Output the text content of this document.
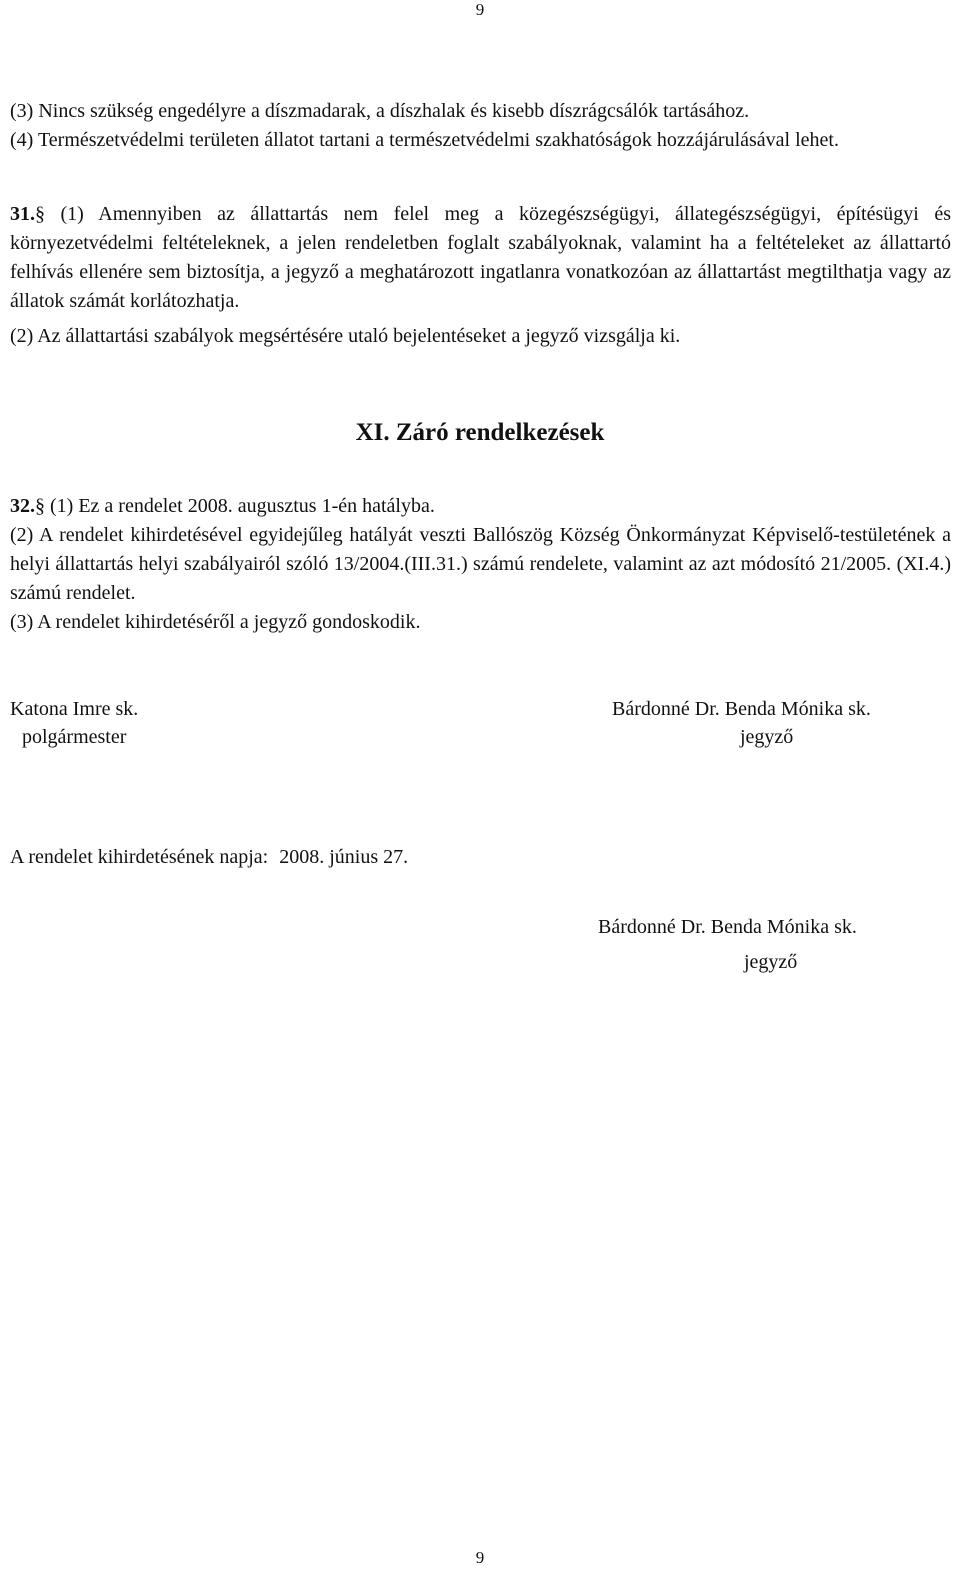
9

(3) Nincs szükség engedélyre a díszmadarak, a díszhalak és kisebb díszrágcsálók tartásához.

(4) Természetvédelmi területen állatot tartani a természetvédelmi szakhatóságok hozzájárulásával lehet.

31.§ (1) Amennyiben az állattartás nem felel meg a közegészségügyi, állategészségügyi, építésügyi és környezetvédelmi feltételeknek, a jelen rendeletben foglalt szabályoknak, valamint ha a feltételeket az állattartó felhívás ellenére sem biztosítja, a jegyző a meghatározott ingatlanra vonatkozóan az állattartást megtilthatja vagy az állatok számát korlátozhatja.

(2) Az állattartási szabályok megsértésére utaló bejelentéseket a jegyző vizsgálja ki.

XI. Záró rendelkezések

32.§ (1) Ez a rendelet 2008. augusztus 1-én hatályba.

(2) A rendelet kihirdetésével egyidejűleg hatályát veszti Ballószög Község Önkormányzat Képviselő-testületének a helyi állattartás helyi szabályairól szóló 13/2004.(III.31.) számú rendelete, valamint az azt módosító 21/2005. (XI.4.) számú rendelet.

(3) A rendelet kihirdetéséről a jegyző gondoskodik.

Katona Imre sk.
polgármester
Bárdonné Dr. Benda Mónika sk.
jegyző
A rendelet kihirdetésének napja: 2008. június 27.
Bárdonné Dr. Benda Mónika sk.
jegyző
9
